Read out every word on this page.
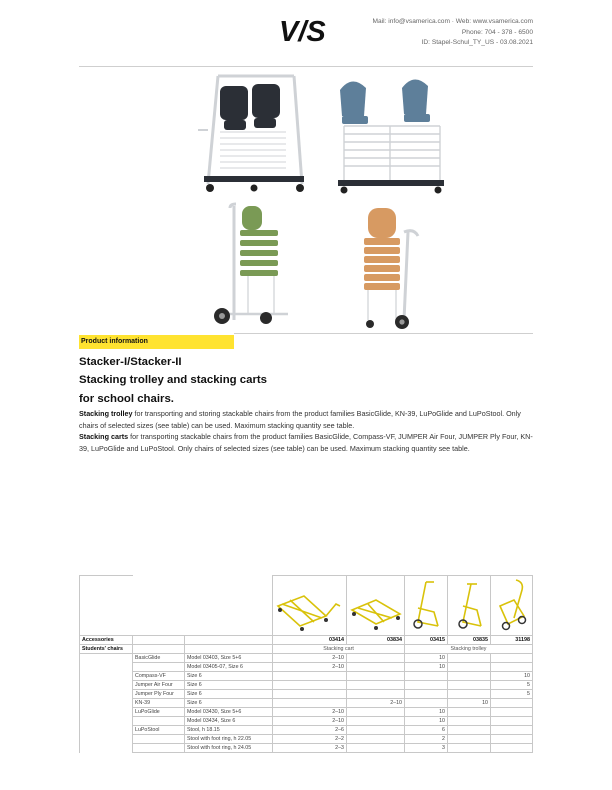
V/S	Mail: info@vsamerica.com · Web: www.vsamerica.com
Phone: 704 - 378 - 6500
ID: Stapel-Schul_TY_US - 03.08.2021
Product information
Stacker-I/Stacker-II
Stacking trolley and stacking carts
for school chairs.

Stacking trolley for transporting and storing stackable chairs from the product families BasicGlide, KN-39, LuPoGlide and LuPoStool. Only chairs of selected sizes (see table) can be used. Maximum stacking quantity see table.

Stacking carts for transporting stackable chairs from the product families BasicGlide, Compass-VF, JUMPER Air Four, JUMPER Ply Four, KN-39, LuPoGlide and LuPoStool. Only chairs of selected sizes (see table) can be used. Maximum stacking quantity see table.

Accessories			03414	03834	03415	03835	31198
Students' chairs			Stacking cart		Stacking trolley		
	BasicGlide	Model 03403, Size 5+6	2–10		10		
		Model 03405-07, Size 6	2–10		10		
	Compass-VF	Size 6					10
	Jumper Air Four	Size 6					5
	Jumper Ply Four	Size 6					5
	KN-39	Size 6		2–10		10	
	LuPoGlide	Model 03430, Size 5+6	2–10		10		
		Model 03434, Size 6	2–10		10		
	LuPoStool	Stool, h 18.15	2–6		6		
		Stool with foot ring, h 22.05	2–2		2		
		Stool with foot ring, h 24.05	2–3		3		
